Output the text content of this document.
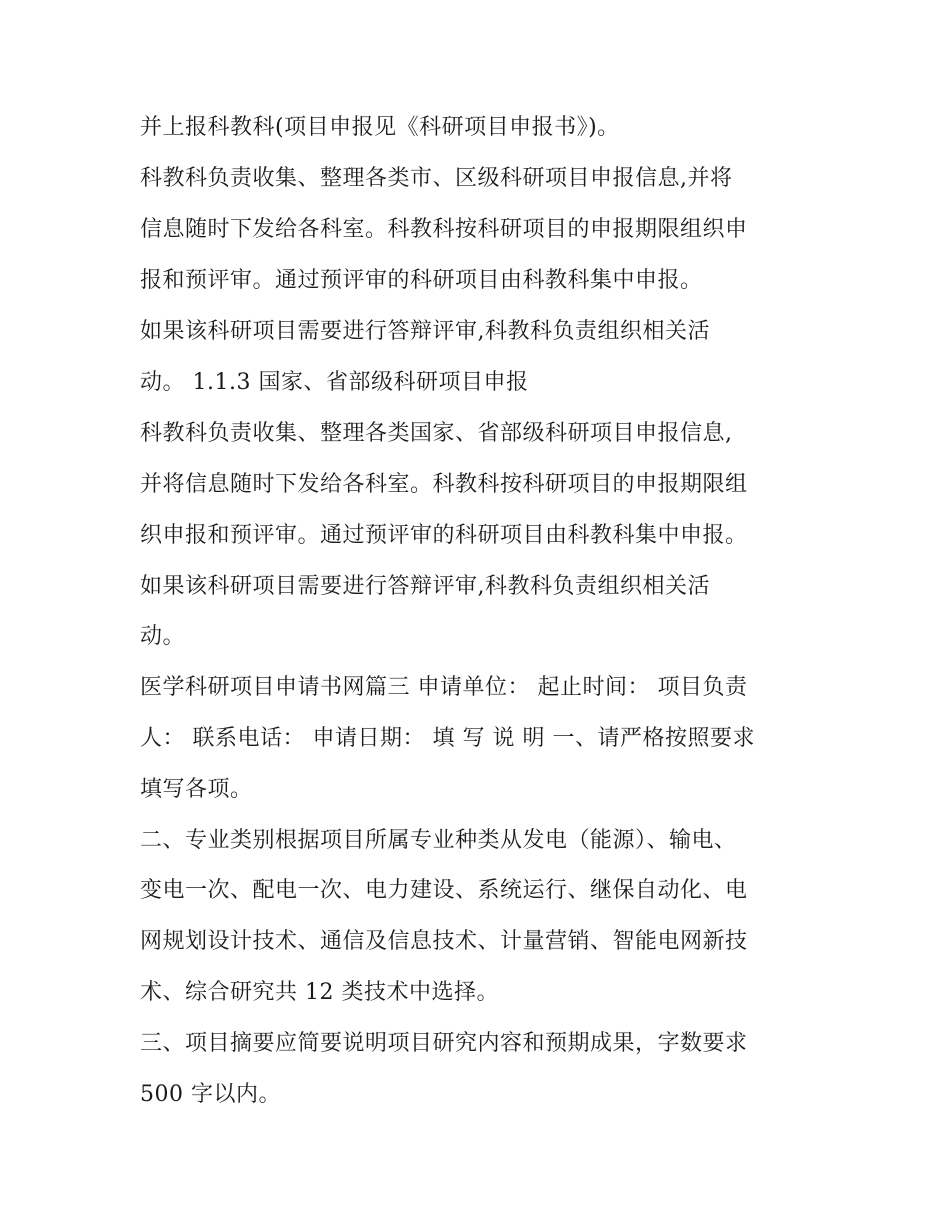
并上报科教科(项目申报见《科研项目申报书》)。
科教科负责收集、整理各类市、区级科研项目申报信息,并将
信息随时下发给各科室。科教科按科研项目的申报期限组织申
报和预评审。通过预评审的科研项目由科教科集中申报。
如果该科研项目需要进行答辩评审,科教科负责组织相关活
动。 1.1.3 国家、省部级科研项目申报
科教科负责收集、整理各类国家、省部级科研项目申报信息,
并将信息随时下发给各科室。科教科按科研项目的申报期限组
织申报和预评审。通过预评审的科研项目由科教科集中申报。
如果该科研项目需要进行答辩评审,科教科负责组织相关活
动。
医学科研项目申请书网篇三 申请单位： 起止时间： 项目负责
人： 联系电话： 申请日期： 填 写 说 明 一、请严格按照要求
填写各项。
二、专业类别根据项目所属专业种类从发电（能源）、输电、
变电一次、配电一次、电力建设、系统运行、继保自动化、电
网规划设计技术、通信及信息技术、计量营销、智能电网新技
术、综合研究共 12 类技术中选择。
三、项目摘要应简要说明项目研究内容和预期成果，字数要求
500 字以内。
